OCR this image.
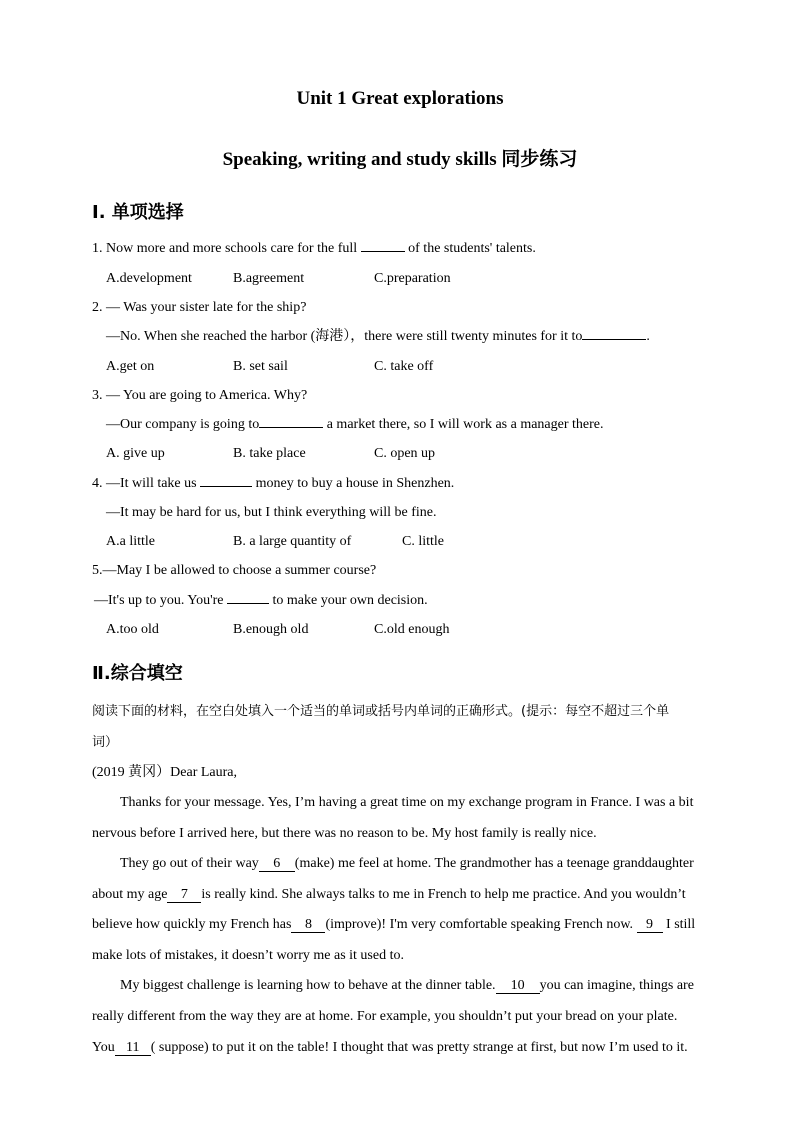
Unit 1 Great explorations
Speaking, writing and study skills 同步练习
Ⅰ. 单项选择
1. Now more and more schools care for the full	of the students' talents.
A.development	B.agreement	C.preparation
2. — Was your sister late for the ship?
—No. When she reached the harbor (海港），there were still twenty minutes for it to	.
A.get on	B. set sail	C. take off
3. — You are going to America. Why?
—Our company is going to	a market there, so I will work as a manager there.
A. give up	B. take place	C. open up
4. —It will take us	money to buy a house in Shenzhen.
—It may be hard for us, but I think everything will be fine.
A.a little	B. a large quantity of	C. little
5.—May I be allowed to choose a summer course?
—It's up to you. You're	to make your own decision.
A.too old	B.enough old	C.old enough
Ⅱ.综合填空
阅读下面的材料，在空白处填入一个适当的单词或括号内单词的正确形式。(提示：每空不超过三个单
词）
(2019 黄冈）Dear Laura,
Thanks for your message. Yes, I’m having a great time on my exchange program in France. I was a bit
nervous before I arrived here, but there was no reason to be. My host family is really nice.
They go out of their way 6 (make) me feel at home. The grandmother has a teenage granddaughter
about my age 7 is really kind. She always talks to me in French to help me practice. And you wouldn’t
believe how quickly my French has 8 (improve)! I'm very comfortable speaking French now. 9 I still
make lots of mistakes, it doesn’t worry me as it used to.
My biggest challenge is learning how to behave at the dinner table. 10 you can imagine, things are
really different from the way they are at home. For example, you shouldn’t put your bread on your plate.
You 11 ( suppose) to put it on the table! I thought that was pretty strange at first, but now I’m used to it.
